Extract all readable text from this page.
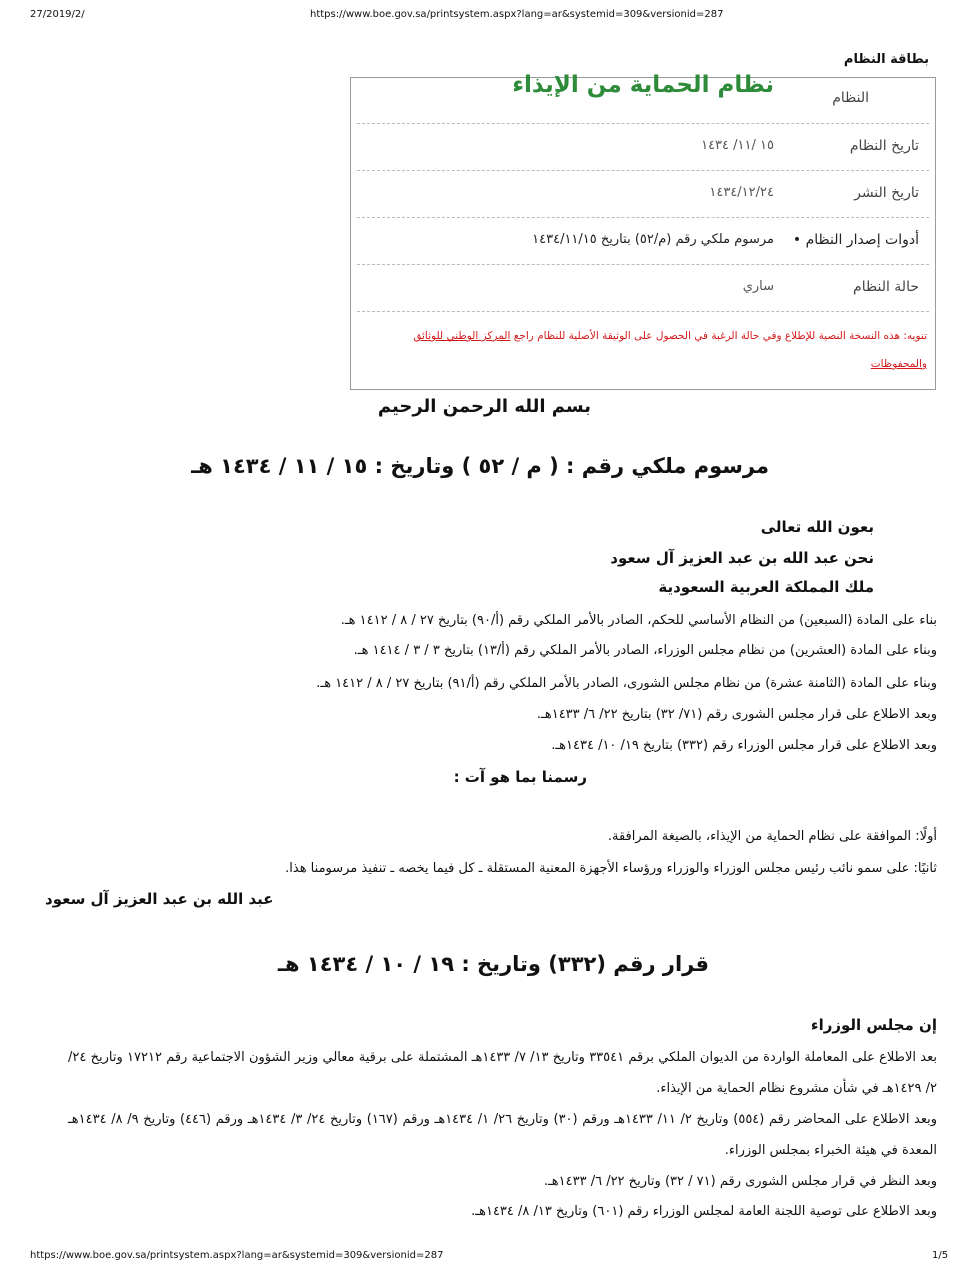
27/2019/2/	https://www.boe.gov.sa/printsystem.aspx?lang=ar&systemid=309&versionid=287
بطاقة النظام
النظام
نظام الحماية من الإيذاء
تاريخ النظام
١٥ /١١/ ١٤٣٤
تاريخ النشر
١٤٣٤/١٢/٢٤
أدوات إصدار النظام •
مرسوم ملكي رقم (م/٥٢) بتاريخ ١٤٣٤/١١/١٥
حالة النظام
ساري
تنويه: هذه النسخة النصية للإطلاع وفي حالة الرغبة في الحصول على الوثيقة الأصلية للنظام راجع المركز الوطني للوثائق والمحفوظات
بسم الله الرحمن الرحيم
مرسوم ملكي رقم : ( م / ٥٢ ) وتاريخ : ١٥ / ١١ / ١٤٣٤ هـ
بعون الله تعالى
نحن عبد الله بن عبد العزيز آل سعود
ملك المملكة العربية السعودية
بناء على المادة (السبعين) من النظام الأساسي للحكم، الصادر بالأمر الملكي رقم (أ/٩٠) بتاريخ ٢٧ / ٨ / ١٤١٢ هـ.
وبناء على المادة (العشرين) من نظام مجلس الوزراء، الصادر بالأمر الملكي رقم (أ/١٣) بتاريخ ٣ / ٣ / ١٤١٤ هـ.
وبناء على المادة (الثامنة عشرة) من نظام مجلس الشورى، الصادر بالأمر الملكي رقم (أ/٩١) بتاريخ ٢٧ / ٨ / ١٤١٢ هـ.
وبعد الاطلاع على قرار مجلس الشورى رقم (٧١/ ٣٢) بتاريخ ٢٢/ ٦/ ١٤٣٣هـ.
وبعد الاطلاع على قرار مجلس الوزراء رقم (٣٣٢) بتاريخ ١٩/ ١٠/ ١٤٣٤هـ.
رسمنا بما هو آت :
أولًا: الموافقة على نظام الحماية من الإيذاء، بالصيغة المرافقة.
ثانيًا: على سمو نائب رئيس مجلس الوزراء والوزراء ورؤساء الأجهزة المعنية المستقلة ـ كل فيما يخصه ـ تنفيذ مرسومنا هذا.
عبد الله بن عبد العزيز آل سعود
قرار رقم (٣٣٢) وتاريخ : ١٩ / ١٠ / ١٤٣٤ هـ
إن مجلس الوزراء
بعد الاطلاع على المعاملة الواردة من الديوان الملكي برقم ٣٣٥٤١ وتاريخ ١٣/ ٧/ ١٤٣٣هـ المشتملة على برقية معالي وزير الشؤون الاجتماعية رقم ١٧٢١٢ وتاريخ ٢٤/ ٢/ ١٤٢٩هـ في شأن مشروع نظام الحماية من الإيذاء.
وبعد الاطلاع على المحاضر رقم (٥٥٤) وتاريخ ٢/ ١١/ ١٤٣٣هـ ورقم (٣٠) وتاريخ ٢٦/ ١/ ١٤٣٤هـ ورقم (١٦٧) وتاريخ ٢٤/ ٣/ ١٤٣٤هـ ورقم (٤٤٦) وتاريخ ٩/ ٨/ ١٤٣٤هـ المعدة في هيئة الخبراء بمجلس الوزراء.
وبعد النظر في قرار مجلس الشورى رقم (٧١ / ٣٢) وتاريخ ٢٢/ ٦/ ١٤٣٣هـ.
وبعد الاطلاع على توصية اللجنة العامة لمجلس الوزراء رقم (٦٠١) وتاريخ ١٣/ ٨/ ١٤٣٤هـ.
https://www.boe.gov.sa/printsystem.aspx?lang=ar&systemid=309&versionid=287	1/5
